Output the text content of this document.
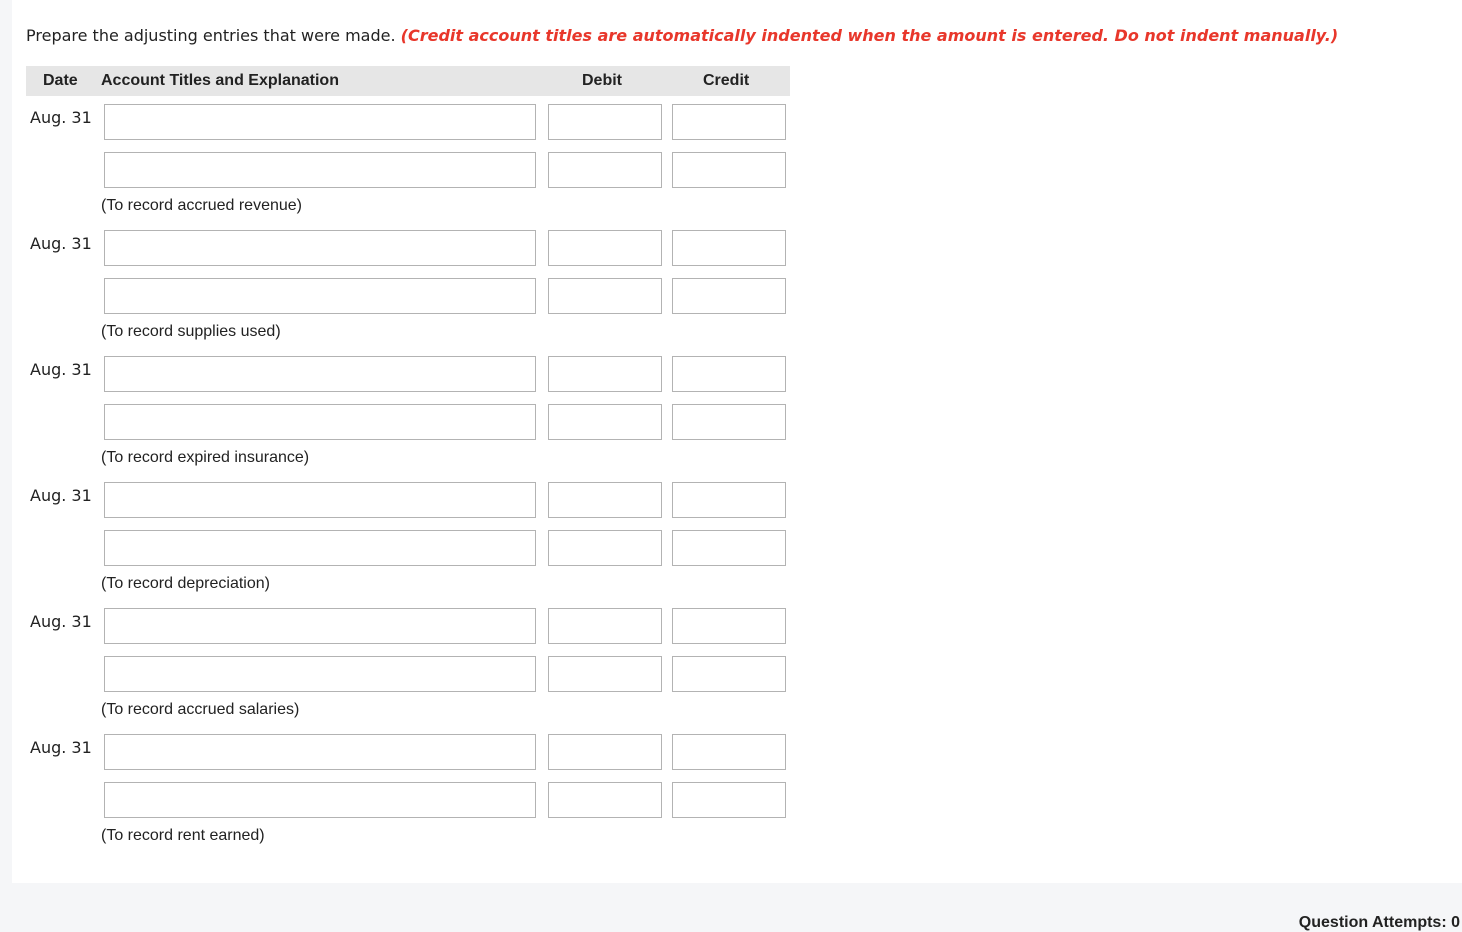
Prepare the adjusting entries that were made. (Credit account titles are automatically indented when the amount is entered. Do not indent manually.)
Date Account Titles and Explanation	Debit	Credit
Aug. 31
(To record accrued revenue)
Aug. 31
(To record supplies used)
Aug. 31
(To record expired insurance)
Aug. 31
(To record depreciation)
Aug. 31
(To record accrued salaries)
Aug. 31
(To record rent earned)
Question Attempts: 0
